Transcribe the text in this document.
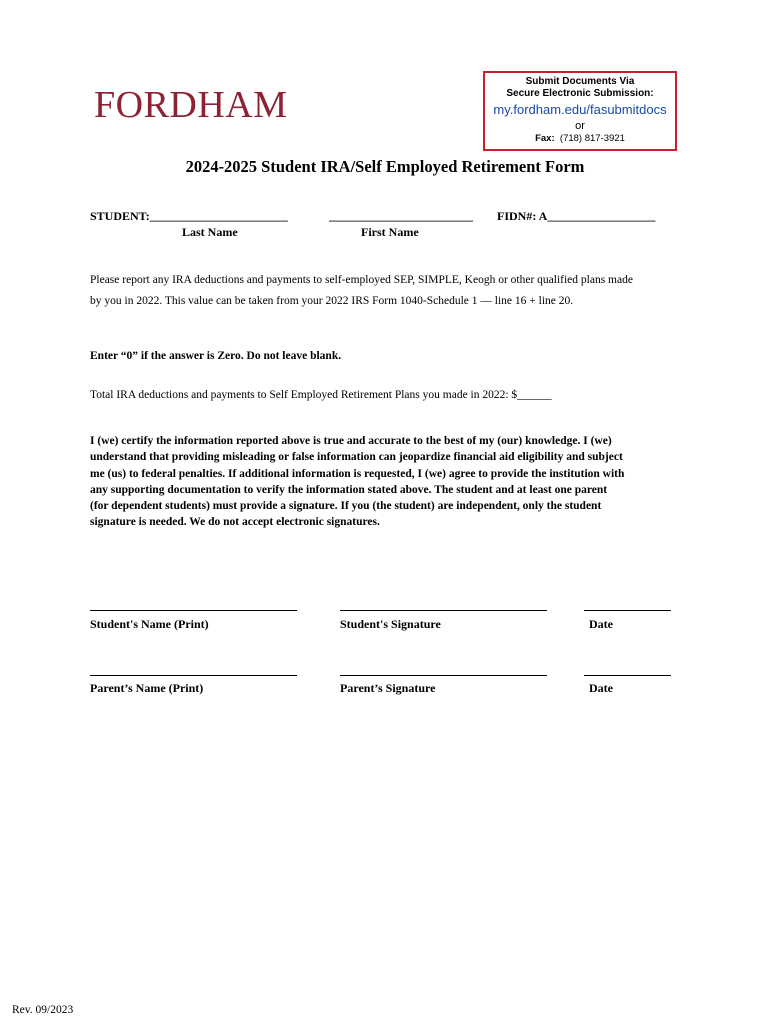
FORDHAM
Submit Documents Via
Secure Electronic Submission:
my.fordham.edu/fasubmitdocs
or
Fax: (718) 817-3921
2024-2025 Student IRA/Self Employed Retirement Form
STUDENT:_______________________	________________________ FIDN#: A__________________
Last Name	First Name
Please report any IRA deductions and payments to self-employed SEP, SIMPLE, Keogh or other qualified plans made
by you in 2022. This value can be taken from your 2022 IRS Form 1040-Schedule 1 — line 16 + line 20.
Enter “0” if the answer is Zero. Do not leave blank.
Total IRA deductions and payments to Self Employed Retirement Plans you made in 2022: $______
I (we) certify the information reported above is true and accurate to the best of my (our) knowledge. I (we)
understand that providing misleading or false information can jeopardize financial aid eligibility and subject
me (us) to federal penalties. If additional information is requested, I (we) agree to provide the institution with
any supporting documentation to verify the information stated above. The student and at least one parent
(for dependent students) must provide a signature. If you (the student) are independent, only the student
signature is needed. We do not accept electronic signatures.
Student's Name (Print)	Student's Signature	Date
Parent’s Name (Print)	Parent’s Signature	Date
Rev. 09/2023
